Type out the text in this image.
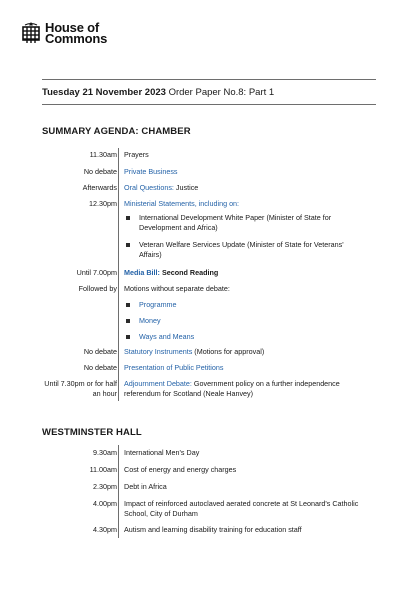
House of
Commons
Tuesday 21 November 2023 Order Paper No.8: Part 1
SUMMARY AGENDA: CHAMBER
11.30am Prayers
No debate Private Business
Afterwards Oral Questions: Justice
12.30pm Ministerial Statements, including on:
International Development White Paper (Minister of State for Development and Africa)
Veteran Welfare Services Update (Minister of State for Veterans' Affairs)
Until 7.00pm Media Bill: Second Reading
Followed by Motions without separate debate:
Programme
Money
Ways and Means
No debate Statutory Instruments (Motions for approval)
No debate Presentation of Public Petitions
Until 7.30pm or for half an hour
Adjournment Debate: Government policy on a further independence referendum for Scotland (Neale Hanvey)
WESTMINSTER HALL
9.30am International Men's Day
11.00am Cost of energy and energy charges
2.30pm Debt in Africa
4.00pm Impact of reinforced autoclaved aerated concrete at St Leonard's Catholic School, City of Durham
4.30pm Autism and learning disability training for education staff
